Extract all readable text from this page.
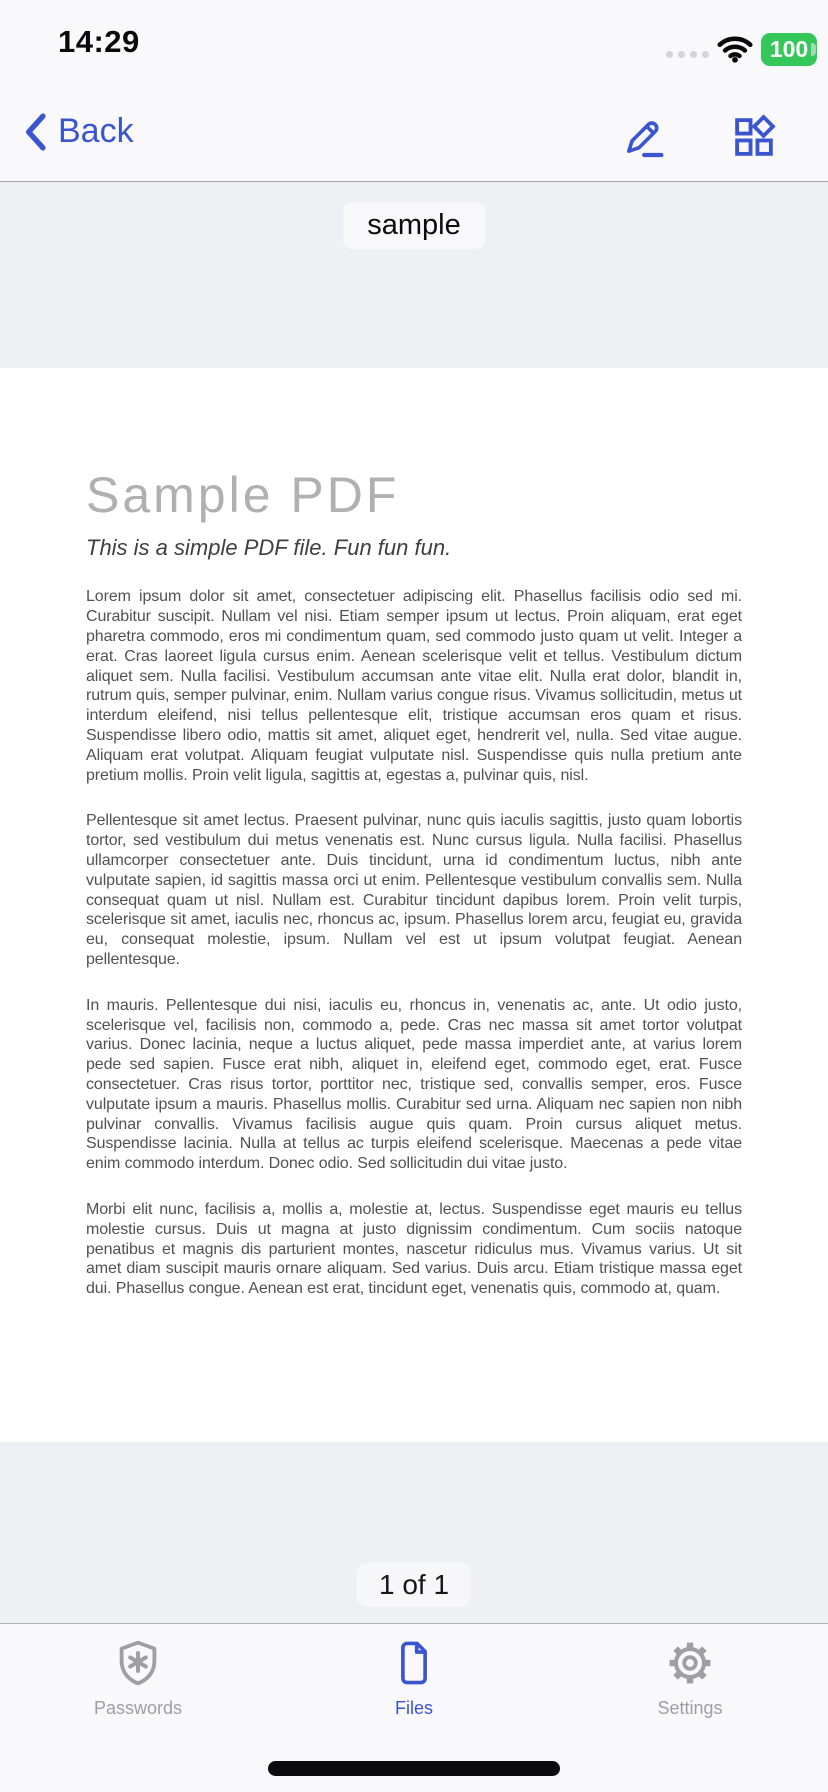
14:29	100
Back
Sample PDF

This is a simple PDF file. Fun fun fun.

Lorem ipsum dolor sit amet, consectetuer adipiscing elit. Phasellus facilisis odio sed mi. Curabitur suscipit. Nullam vel nisi. Etiam semper ipsum ut lectus. Proin aliquam, erat eget pharetra commodo, eros mi condimentum quam, sed commodo justo quam ut velit. Integer a erat. Cras laoreet ligula cursus enim. Aenean scelerisque velit et tellus. Vestibulum dictum aliquet sem. Nulla facilisi. Vestibulum accumsan ante vitae elit. Nulla erat dolor, blandit in, rutrum quis, semper pulvinar, enim. Nullam varius congue risus. Vivamus sollicitudin, metus ut interdum eleifend, nisi tellus pellentesque elit, tristique accumsan eros quam et risus. Suspendisse libero odio, mattis sit amet, aliquet eget, hendrerit vel, nulla. Sed vitae augue. Aliquam erat volutpat. Aliquam feugiat vulputate nisl. Suspendisse quis nulla pretium ante pretium mollis. Proin velit ligula, sagittis at, egestas a, pulvinar quis, nisl.

Pellentesque sit amet lectus. Praesent pulvinar, nunc quis iaculis sagittis, justo quam lobortis tortor, sed vestibulum dui metus venenatis est. Nunc cursus ligula. Nulla facilisi. Phasellus ullamcorper consectetuer ante. Duis tincidunt, urna id condimentum luctus, nibh ante vulputate sapien, id sagittis massa orci ut enim. Pellentesque vestibulum convallis sem. Nulla consequat quam ut nisl. Nullam est. Curabitur tincidunt dapibus lorem. Proin velit turpis, scelerisque sit amet, iaculis nec, rhoncus ac, ipsum. Phasellus lorem arcu, feugiat eu, gravida eu, consequat molestie, ipsum. Nullam vel est ut ipsum volutpat feugiat. Aenean pellentesque.

In mauris. Pellentesque dui nisi, iaculis eu, rhoncus in, venenatis ac, ante. Ut odio justo, scelerisque vel, facilisis non, commodo a, pede. Cras nec massa sit amet tortor volutpat varius. Donec lacinia, neque a luctus aliquet, pede massa imperdiet ante, at varius lorem pede sed sapien. Fusce erat nibh, aliquet in, eleifend eget, commodo eget, erat. Fusce consectetuer. Cras risus tortor, porttitor nec, tristique sed, convallis semper, eros. Fusce vulputate ipsum a mauris. Phasellus mollis. Curabitur sed urna. Aliquam nec sapien non nibh pulvinar convallis. Vivamus facilisis augue quis quam. Proin cursus aliquet metus. Suspendisse lacinia. Nulla at tellus ac turpis eleifend scelerisque. Maecenas a pede vitae enim commodo interdum. Donec odio. Sed sollicitudin dui vitae justo.

Morbi elit nunc, facilisis a, mollis a, molestie at, lectus. Suspendisse eget mauris eu tellus molestie cursus. Duis ut magna at justo dignissim condimentum. Cum sociis natoque penatibus et magnis dis parturient montes, nascetur ridiculus mus. Vivamus varius. Ut sit amet diam suscipit mauris ornare aliquam. Sed varius. Duis arcu. Etiam tristique massa eget dui. Phasellus congue. Aenean est erat, tincidunt eget, venenatis quis, commodo at, quam.

sample
1 of 1
Passwords	Files	Settings
